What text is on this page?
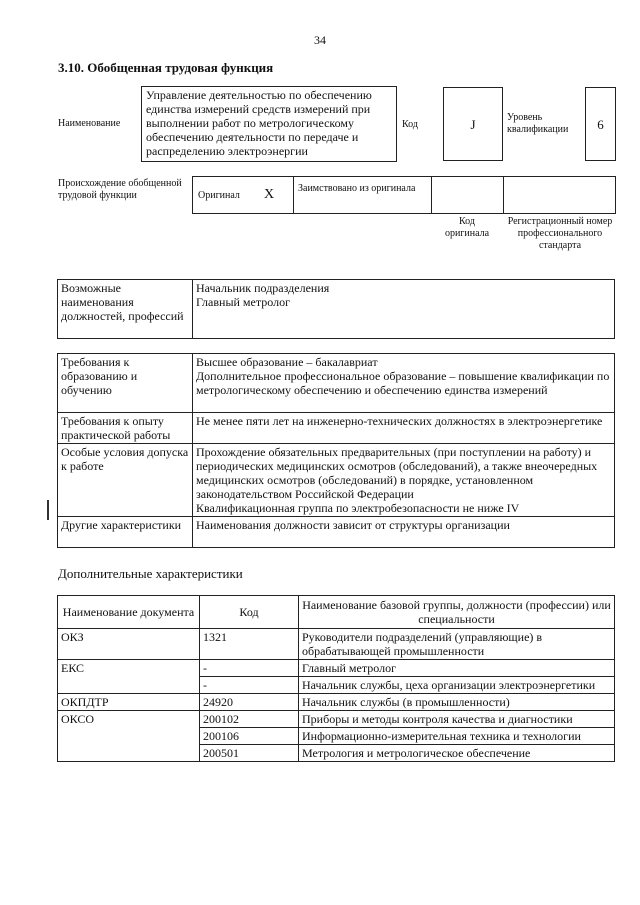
34
3.10. Обобщенная трудовая функция
Наименование
Управление деятельностью по обеспечению единства измерений средств измерений при выполнении работ по метрологическому обеспечению деятельности по передаче и распределению электроэнергии
Код	J	Уровень квалификации	6
Происхождение обобщенной трудовой функции	Оригинал X Заимствовано из оригинала
Код оригинала
Регистрационный номер профессионального стандарта
Возможные наименования должностей, профессий	
Начальник подразделения
Главный метролог
Требования к образованию и обучению	Высшее образование – бакалавриат
Дополнительное профессиональное образование – повышение квалификации по метрологическому обеспечению и обеспечению единства измерений

Требования к опыту практической работы	Не менее пяти лет на инженерно-технических должностях в электроэнергетике

Особые условия допуска к работе	Прохождение обязательных предварительных (при поступлении на работу) и периодических медицинских осмотров (обследований), а также внеочередных медицинских осмотров (обследований) в порядке, установленном законодательством Российской Федерации
Квалификационная группа по электробезопасности не ниже IV

Другие характеристики	Наименования должности зависит от структуры организации
Дополнительные характеристики
Наименование документа	Код	Наименование базовой группы, должности (профессии) или специальности
ОКЗ	1321	Руководители подразделений (управляющие) в обрабатывающей промышленности
ЕКС	-	Главный метролог
	-	Начальник службы, цеха организации электроэнергетики
ОКПДТР	24920	Начальник службы (в промышленности)
ОКСО	200102	Приборы и методы контроля качества и диагностики
	200106	Информационно-измерительная техника и технологии
	200501	Метрология и метрологическое обеспечение
